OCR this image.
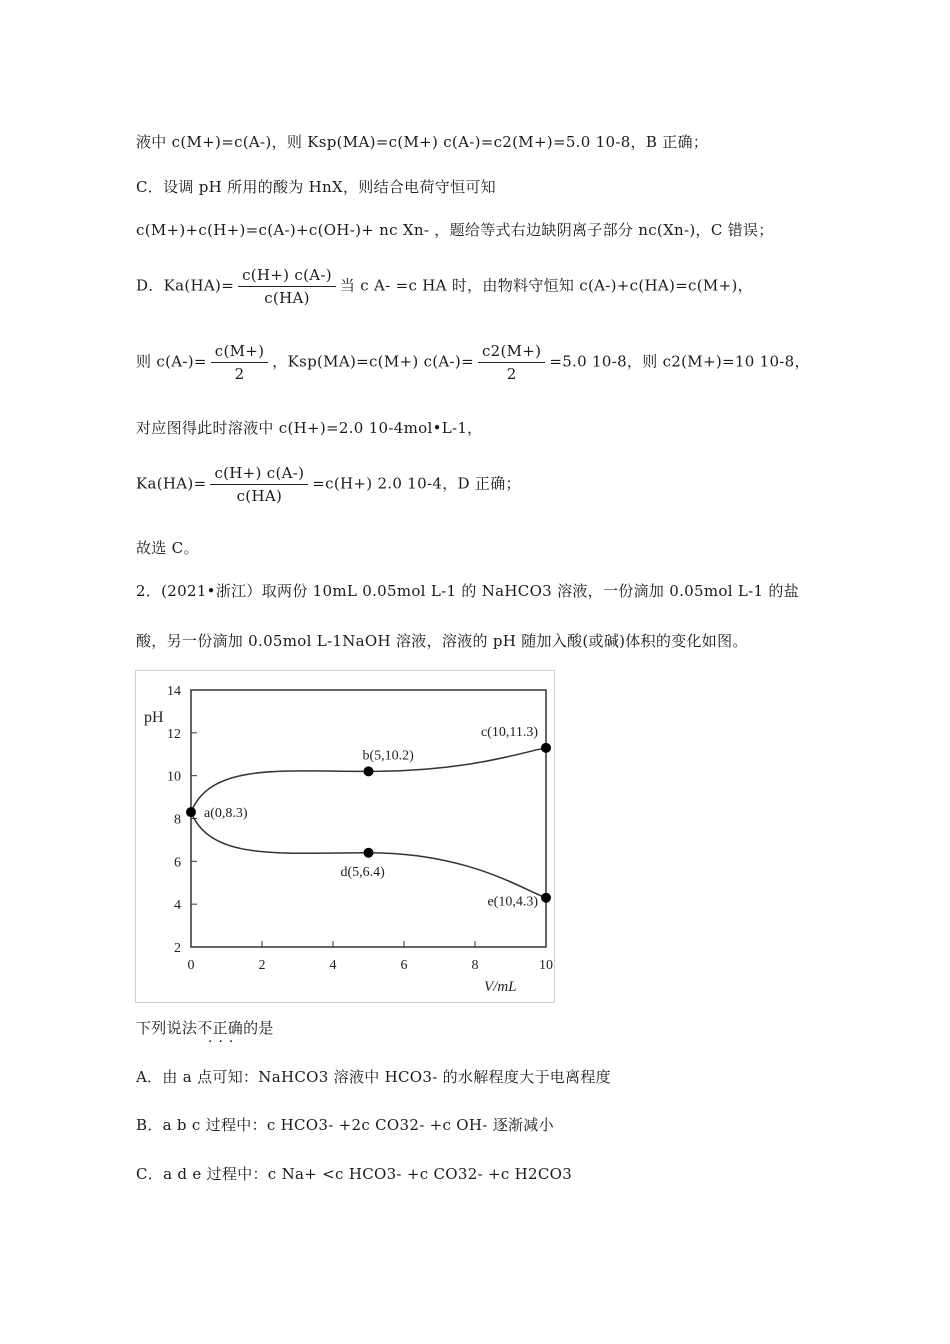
液中 c(M+)=c(A-)，则 Ksp(MA)=c(M+) c(A-)=c2(M+)=5.0 10-8，B 正确；
C．设调 pH 所用的酸为 HnX，则结合电荷守恒可知
c(M+)+c(H+)=c(A-)+c(OH-)+ nc Xn- ，题给等式右边缺阴离子部分 nc(Xn-)，C 错误；
D．$Ka(HA)= \frac{c(H+) c(A-)}{c(HA)}$ 当 c A- =c HA 时，由物料守恒知 c(A-)+c(HA)=c(M+)，
则 $c(A-)= \frac{c(M+)}{2}$ ，Ksp(MA)=c(M+) $c(A-)= \frac{c2(M+)}{2} =5.0$ 10-8，则 c2(M+)=10 10-8，
对应图得此时溶液中 c(H+)=2.0 10-4mol•L-1，
$Ka(HA)= \frac{c(H+) c(A-)}{c(HA)} =c(H+)$ 2.0 10-4，D 正确；
故选 C。
2．(2021•浙江）取两份 10mL 0.05mol L-1 的 NaHCO3 溶液，一份滴加 0.05mol L-1 的盐
酸，另一份滴加 0.05mol L-1NaOH 溶液，溶液的 pH 随加入酸(或碱)体积的变化如图。
2
4
6
8
10
12
14
0	2	4	6	8	10
pH
V/mL
a(0,8.3)
b(5,10.2)
c(10,11.3)
d(5,6.4)
e(10,4.3)
下列说法不正确的是
···
A．由 a 点可知：NaHCO3 溶液中 HCO3- 的水解程度大于电离程度
B．a b c 过程中：c HCO3- +2c CO32- +c OH- 逐渐减小
C．a d e 过程中：c Na+ <c HCO3- +c CO32- +c H2CO3
